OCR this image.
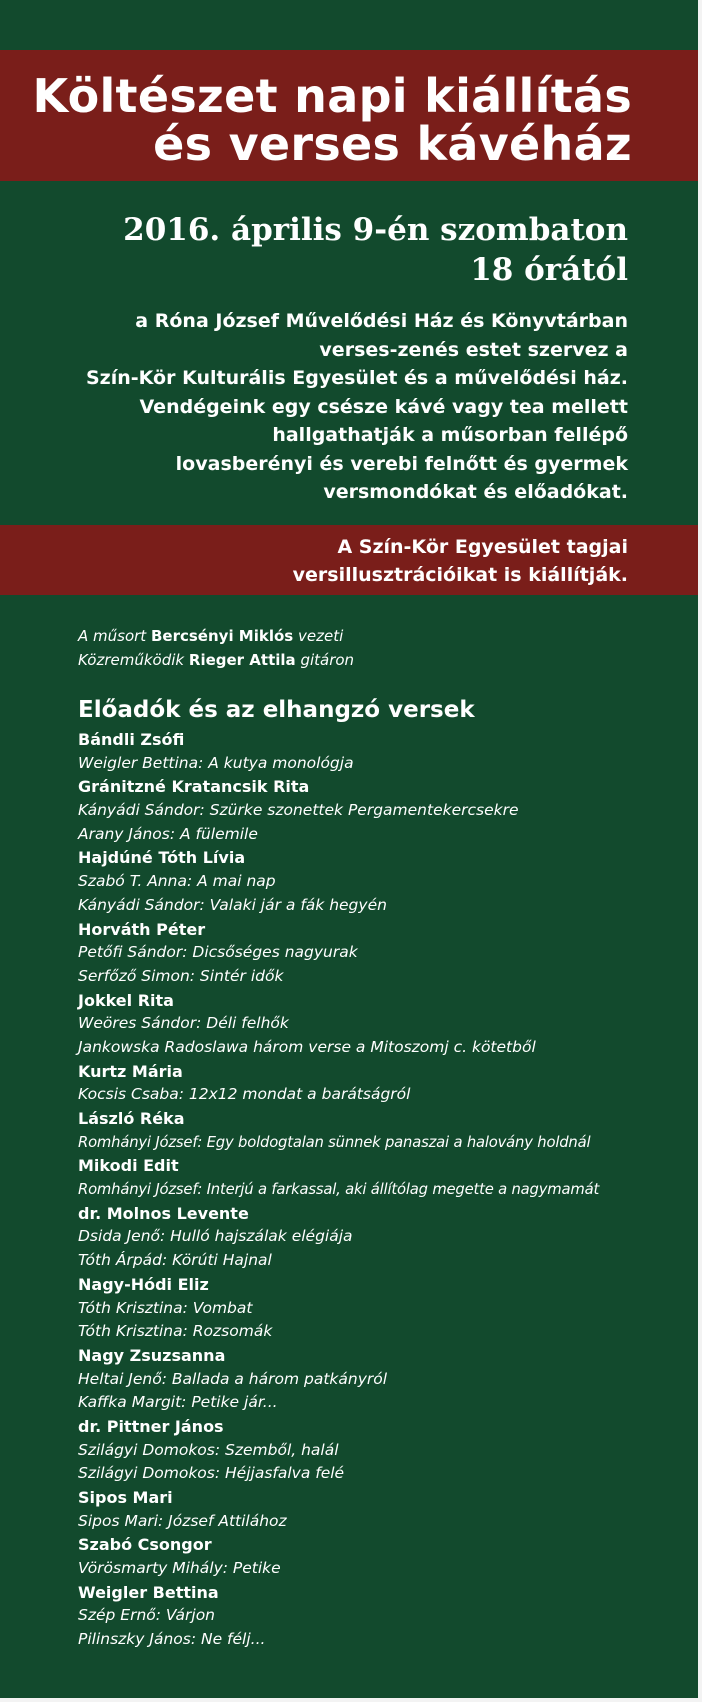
Költészet napi kiállítás
és verses kávéház
2016. április 9-én szombaton
18 órától
a Róna József Művelődési Ház és Könyvtárban
verses-zenés estet szervez a
Szín-Kör Kulturális Egyesület és a művelődési ház.
Vendégeink egy csésze kávé vagy tea mellett
hallgathatják a műsorban fellépő
lovasberényi és verebi felnőtt és gyermek
versmondókat és előadókat.
A Szín-Kör Egyesület tagjai
versillusztrációikat is kiállítják.
A műsort Bercsényi Miklós vezeti
Közreműködik Rieger Attila gitáron
Előadók és az elhangzó versek
Bándli Zsófi
Weigler Bettina: A kutya monológja
Gránitzné Kratancsik Rita
Kányádi Sándor: Szürke szonettek Pergamentekercsekre
Arany János: A fülemile
Hajdúné Tóth Lívia
Szabó T. Anna: A mai nap
Kányádi Sándor: Valaki jár a fák hegyén
Horváth Péter
Petőfi Sándor: Dicsőséges nagyurak
Serfőző Simon: Sintér idők
Jokkel Rita
Weöres Sándor: Déli felhők
Jankowska Radoslawa három verse a Mitoszomj c. kötetből
Kurtz Mária
Kocsis Csaba: 12x12 mondat a barátságról
László Réka
Romhányi József: Egy boldogtalan sünnek panaszai a halovány holdnál
Mikodi Edit
Romhányi József: Interjú a farkassal, aki állítólag megette a nagymamát
dr. Molnos Levente
Dsida Jenő: Hulló hajszálak elégiája
Tóth Árpád: Körúti Hajnal
Nagy-Hódi Eliz
Tóth Krisztina: Vombat
Tóth Krisztina: Rozsomák
Nagy Zsuzsanna
Heltai Jenő: Ballada a három patkányról
Kaffka Margit: Petike jár...
dr. Pittner János
Szilágyi Domokos: Szemből, halál
Szilágyi Domokos: Héjjasfalva felé
Sipos Mari
Sipos Mari: József Attilához
Szabó Csongor
Vörösmarty Mihály: Petike
Weigler Bettina
Szép Ernő: Várjon
Pilinszky János: Ne félj...
